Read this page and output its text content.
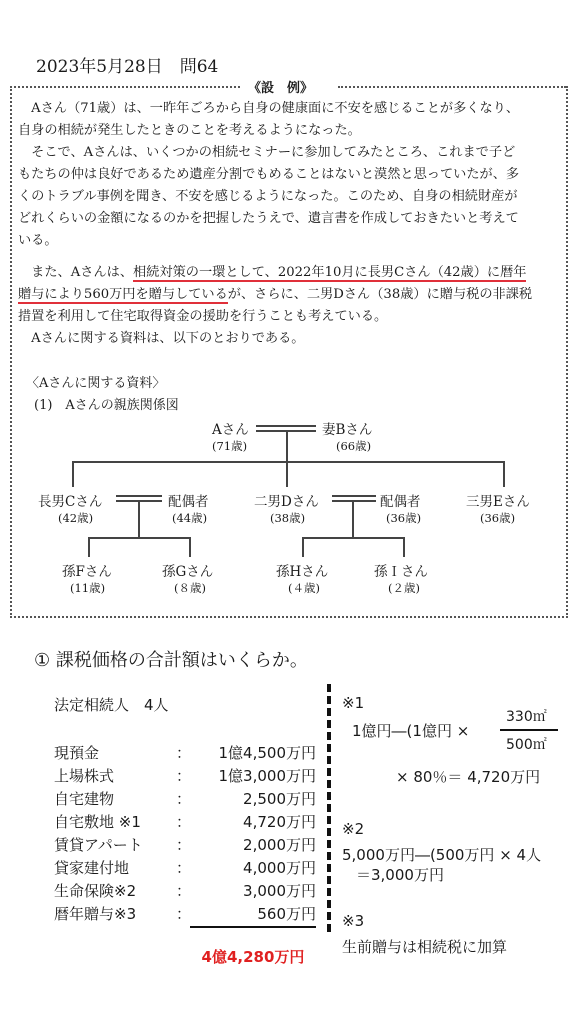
2023年5月28日　問64
《設　例》
　Aさん（71歳）は、一昨年ごろから自身の健康面に不安を感じることが多くなり、
自身の相続が発生したときのことを考えるようになった。
　そこで、Aさんは、いくつかの相続セミナーに参加してみたところ、これまで子ど
もたちの仲は良好であるため遺産分割でもめることはないと漠然と思っていたが、多
くのトラブル事例を聞き、不安を感じるようになった。このため、自身の相続財産が
どれくらいの金額になるのかを把握したうえで、遺言書を作成しておきたいと考えて
いる。
　また、Aさんは、相続対策の一環として、2022年10月に長男Cさん（42歳）に暦年
贈与により560万円を贈与しているが、さらに、二男Dさん（38歳）に贈与税の非課税
措置を利用して住宅取得資金の援助を行うことも考えている。
　Aさんに関する資料は、以下のとおりである。
〈Aさんに関する資料〉
(1)　Aさんの親族関係図
Aさん
(71歳)
妻Bさん
(66歳)
長男Cさん
(42歳)
配偶者
(44歳)
二男Dさん
(38歳)
配偶者
(36歳)
三男Eさん
(36歳)
孫Fさん
(11歳)
孫Gさん
(８歳)
孫Hさん
(４歳)
孫Ｉさん
(２歳)
① 課税価格の合計額はいくらか。
法定相続人　4人
現預金	：	1億4,500万円
上場株式	：	1億3,000万円
自宅建物	：	2,500万円
自宅敷地 ※1 ：	4,720万円
賃貸アパート ：	2,000万円
貸家建付地	：	4,000万円
生命保険※2	：	3,000万円
暦年贈与※3	：	560万円
4億4,280万円
※1
1億円―(1億円 ×
330㎡
500㎡
× 80％＝ 4,720万円
※2
5,000万円―(500万円 × 4人
＝3,000万円
※3
生前贈与は相続税に加算
